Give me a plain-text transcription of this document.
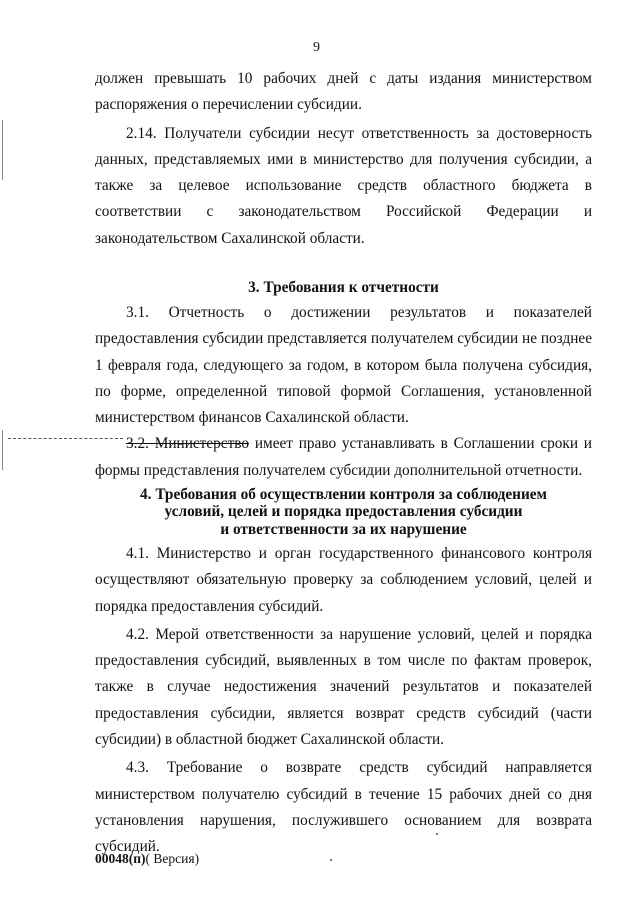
9

должен превышать 10 рабочих дней с даты издания министерством распоряжения о перечислении субсидии.

2.14. Получатели субсидии несут ответственность за достоверность данных, представляемых ими в министерство для получения субсидии, а также за целевое использование средств областного бюджета в соответствии с законодательством Российской Федерации и законодательством Сахалинской области.

3. Требования к отчетности

3.1. Отчетность о достижении результатов и показателей предоставления субсидии представляется получателем субсидии не позднее 1 февраля года, следующего за годом, в котором была получена субсидия, по форме, определенной типовой формой Соглашения, установленной министерством финансов Сахалинской области.

3.2. Министерство имеет право устанавливать в Соглашении сроки и формы представления получателем субсидии дополнительной отчетности.

4. Требования об осуществлении контроля за соблюдением
условий, целей и порядка предоставления субсидии
и ответственности за их нарушение

4.1. Министерство и орган государственного финансового контроля осуществляют обязательную проверку за соблюдением условий, целей и порядка предоставления субсидий.

4.2. Мерой ответственности за нарушение условий, целей и порядка предоставления субсидий, выявленных в том числе по фактам проверок, также в случае недостижения значений результатов и показателей предоставления субсидии, является возврат средств субсидий (части субсидии) в областной бюджет Сахалинской области.

4.3. Требование о возврате средств субсидий направляется министерством получателю субсидий в течение 15 рабочих дней со дня установления нарушения, послужившего основанием для возврата субсидий.

00048(п)( Версия)
